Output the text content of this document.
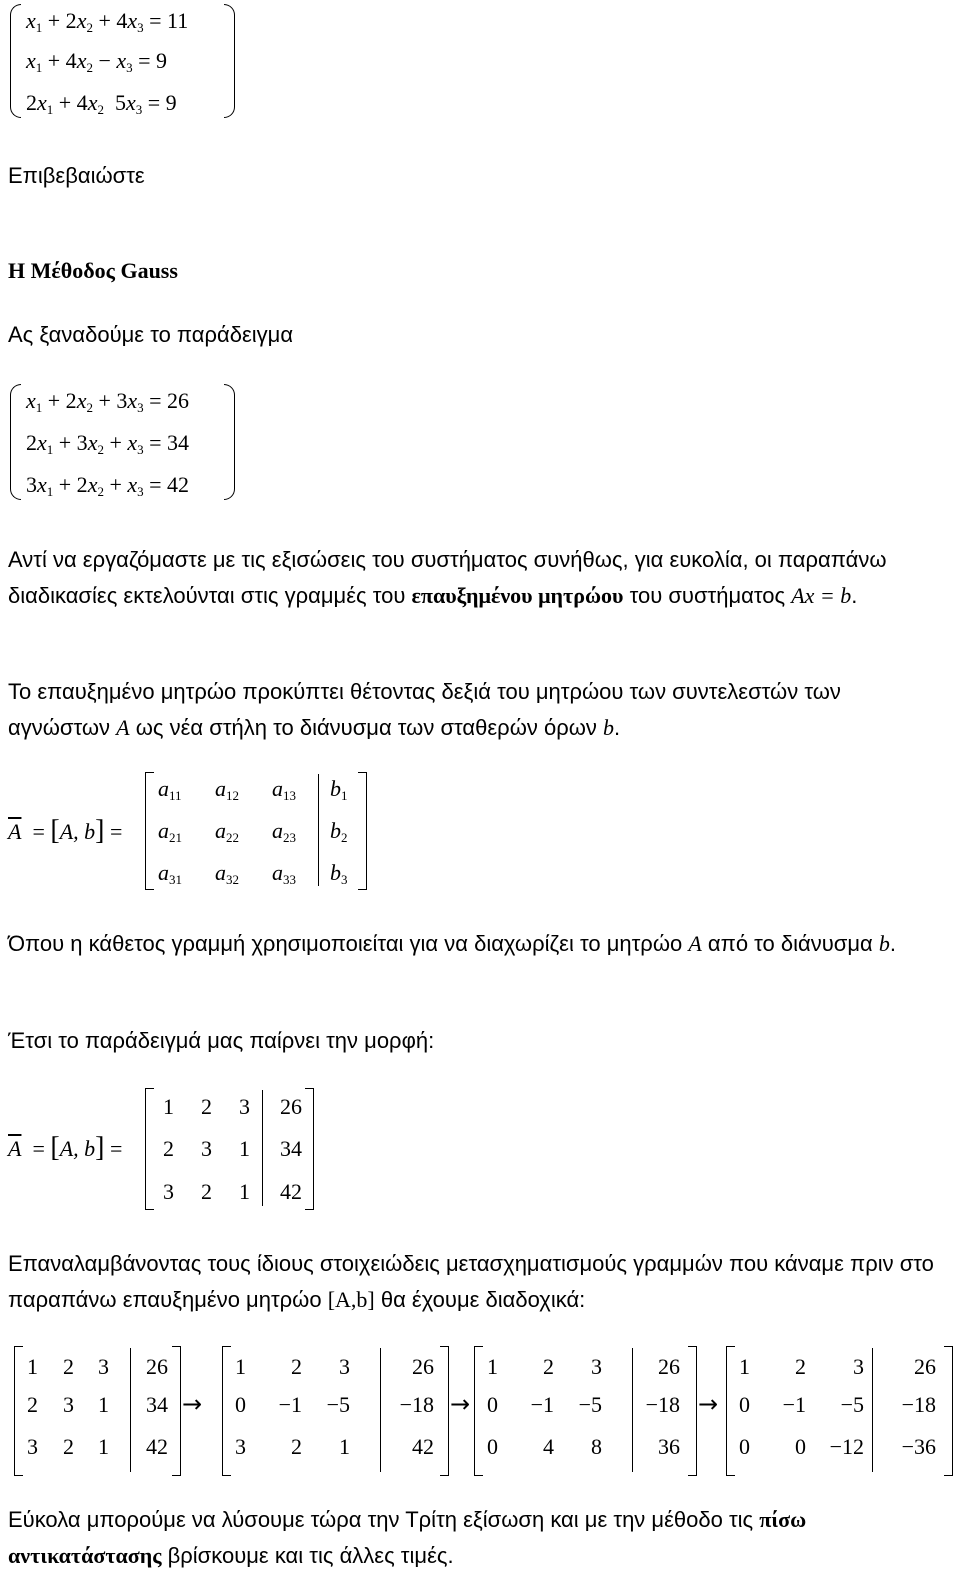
$x_1 + 2x_2 + 4x_3 = 11$
$x_1 + 4x_2 - x_3 = 9$
$2x_1 + 4x_2$ $5x_3 = 9$
Επιβεβαιώστε
Η Μέθοδος Gauss
Ας ξαναδούμε το παράδειγμα
$x_1 + 2x_2 + 3x_3 = 26$
$2x_1 + 3x_2 + x_3 = 34$
$3x_1 + 2x_2 + x_3 = 42$
Αντί να εργαζόμαστε με τις εξισώσεις του συστήματος συνήθως, για ευκολία, οι παραπάνω διαδικασίες εκτελούνται στις γραμμές του επαυξημένου μητρώου του συστήματος Ax = b.
Το επαυξημένο μητρώο προκύπτει θέτοντας δεξιά του μητρώου των συντελεστών των αγνώστων A ως νέα στήλη το διάνυσμα των σταθερών όρων b.
$\overline{A} = [A$, b] =
$a_{11}$ $a_{12}$ $a_{13}$ $b_1$
$a_{21}$ $a_{22}$ $a_{23}$ $b_2$
$a_{31}$ $a_{32}$ $a_{33}$ $b_3$
Όπου η κάθετος γραμμή χρησιμοποιείται για να διαχωρίζει το μητρώο A από το διάνυσμα b.
Έτσι το παράδειγμά μας παίρνει την μορφή:
$\overline{A} = [A$, b] =
1 2 3	26
2 3 1	34
3 2 1	42
Επαναλαμβάνοντας τους ίδιους στοιχειώδεις μετασχηματισμούς γραμμών που κάναμε πριν στο παραπάνω επαυξημένο μητρώο [A,b] θα έχουμε διαδοχικά:
1 2 3	26
2 3 1	34
3 2 1	42
→
1	2	3	26
0 −1 −5	−18
3	2	1	42
→
1	2	3	26
0 −1 −5 −18
0	4	8	36
→
1	2	3	26
0 −1	−5	−18
0	0	−12	−36
Εύκολα μπορούμε να λύσουμε τώρα την Τρίτη εξίσωση και με την μέθοδο τις πίσω αντικατάστασης βρίσκουμε και τις άλλες τιμές.
